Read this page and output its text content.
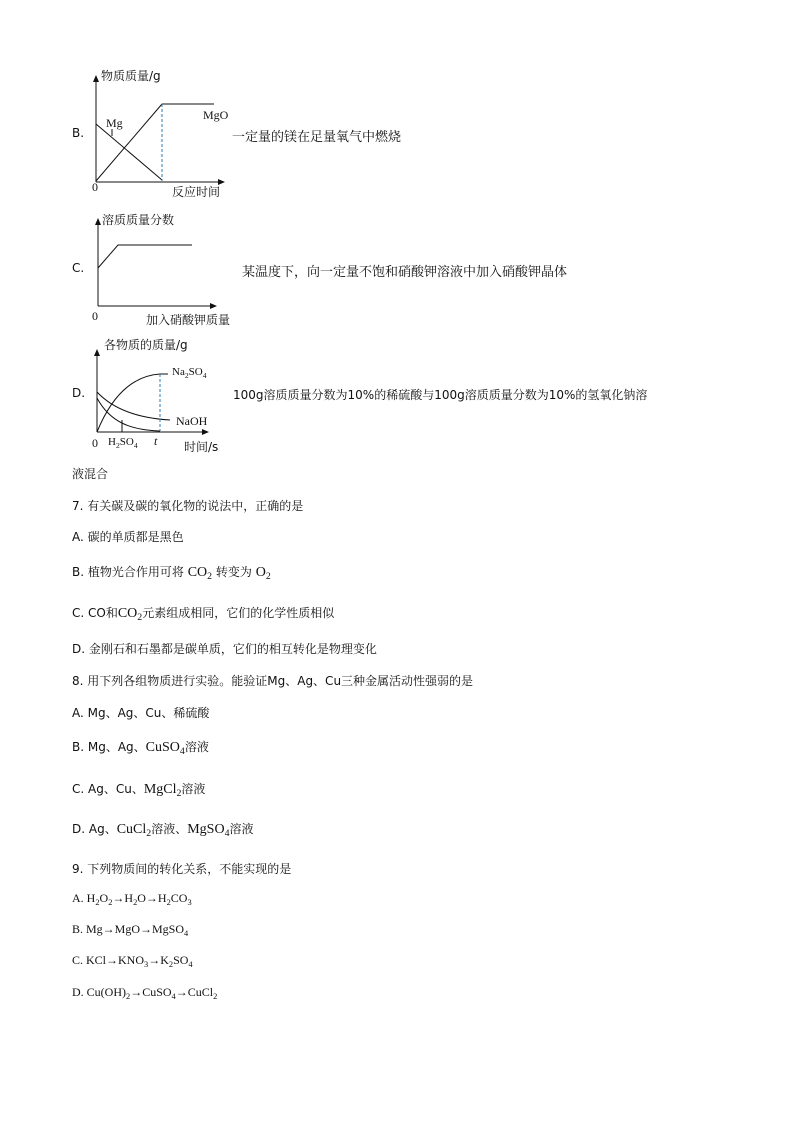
B.
物质质量/g
Mg
MgO
0	反应时间
一定量的镁在足量氧气中燃烧
C.
溶质质量分数
0	加入硝酸钾质量
某温度下，向一定量不饱和硝酸钾溶液中加入硝酸钾晶体
D.
各物质的质量/g
$Na_2SO_4$
NaOH
0 $H_2SO_4$ t 时间/s
100g溶质质量分数为10%的稀硫酸与100g溶质质量分数为10%的氢氧化钠溶
液混合
7. 有关碳及碳的氧化物的说法中，正确的是
A. 碳的单质都是黑色
B. 植物光合作用可将 $CO_2$ 转变为 $O_2$
C. CO和$CO_2$元素组成相同，它们的化学性质相似
D. 金刚石和石墨都是碳单质，它们的相互转化是物理变化
8. 用下列各组物质进行实验。能验证Mg、Ag、Cu三种金属活动性强弱的是
A. Mg、Ag、Cu、稀硫酸
B. Mg、Ag、CuSO$_4$溶液
C. Ag、Cu、MgCl$_2$溶液
D. Ag、CuCl$_2$溶液、MgSO$_4$溶液
9. 下列物质间的转化关系，不能实现的是
A. $H_2O_2\to H_2O\to H_2CO_3$
B. Mg→MgO→MgSO$_4$
C. $KCl\to KNO_3\to K_2SO_4$
D. $Cu(OH)_2\to CuSO_4\to CuCl_2$
